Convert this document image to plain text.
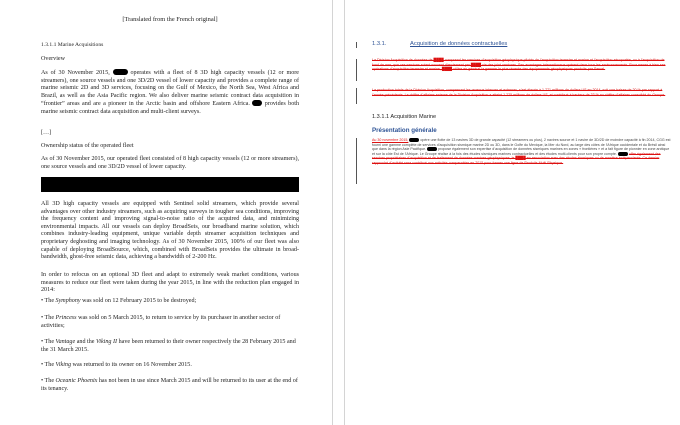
[Translated from the French original]

1.3.1.1 Marine Acquisitions

Overview

As of 30 November 2015,	operates with a fleet of 8 3D high capacity vessels (12 or more streamers), one source vessels and one 3D/2D vessel of lower capacity and provides a complete range of marine seismic 2D and 3D services, focusing on the Gulf of Mexico, the North Sea, West Africa and Brazil, as well as the Asia Pacific region. We also deliver marine seismic contract data acquisition in “frontier” areas and are a pioneer in the Arctic basin and offshore Eastern Africa. provides both marine seismic contract data acquisition and multi-client surveys.

[…]

Ownership status of the operated fleet

As of 30 November 2015, our operated fleet consisted of 8 high capacity vessels (12 or more streamers), one source vessels and one 3D/2D vessel of lower capacity.

All 3D high capacity vessels are equipped with Sentinel solid streamers, which provide several advantages over other industry streamers, such as acquiring surveys in tougher sea conditions, improving the frequency content and improving signal-to-noise ratio of the acquired data, and minimizing environmental impacts. All our vessels can deploy BroadSeis, our broadband marine solution, which combines industry-leading equipment, unique variable depth streamer acquisition techniques and proprietary deghosting and imaging technology. As of 30 November 2015, 100% of our fleet was also capable of deploying BroadSource, which, combined with BroadSeis provides the ultimate in broad-bandwidth, ghost-free seismic data, achieving a bandwidth of 2-200 Hz.

In order to refocus on an optional 3D fleet and adapt to extremely weak market conditions, various measures to reduce our fleet were taken during the year 2015, in line with the reduction plan engaged in 2014:

• The Symphony was sold on 12 February 2015 to be destroyed;

• The Princess was sold on 5 March 2015, to return to service by its purchaser in another sector of activities;

• The Vantage and the Viking II have been returned to their owner respectively the 28 February 2015 and the 31 March 2015.

• The Viking was returned to its owner on 16 November 2015.

• The Oceanic Phoenix has not been in use since March 2015 and will be returned to its user at the end of its tenancy.

1.3.1.	Acquisition de données contractuelles

La Division Acquisition de données de ████ comprend les services d’acquisition géophysique pilotés de l’acquisition terrestre et marine et l’acquisition aéroportée, ou à l’acquisition de fond de mer, que ces services soient souvent directement par ████ via des joint-ventures. Ses avantages internationaux opèrent dans tous les environnements. Pour mener à bien ses opérations d’acquisition terrestre et marine, ████ utilise en général la gamme la plus récente des équipements géophysiques produits par Sercel.

La production totale de la Division Acquisition, comprenant les revenus internes et externes, s’est élevée à 1 771 millions de dollars US en 2014, soit une baisse de 20 % par rapport à l’année précédente. Le chiffre d’affaires externe de la Division Acquisition a atteint 1 225 millions de dollars US, et contribué à hauteur de 33 % au chiffre d’affaires consolidé du Groupe.

1.3.1.1 Acquisition Marine
Présentation générale

Au 30 novembre 2015,	opère une flotte de 13 navires 3D de grande capacité (12 streamers ou plus), 2 navires source et 1 navire de 3D/2D de moindre capacité à fin 2014, CGG est fourni une gamme complète de services d’acquisition sismique marine 2D ou 3D, dans le Golfe du Mexique, la Mer du Nord, au large des côtes de l’Afrique occidentale et du Brésil ainsi que dans la région Asie Pacifique.	propose également son expertise d’acquisition de données sismiques marines en zones « frontières » et a fait figure de pionnier en zone arctique et sur la côte Est de l’Afrique. Le Groupe réalise à la fois des études sismiques marines contractuelles et des études multi-clients pour son propre compte.	offre également des services propriétaires d’acquisition et de traitement de données marines géophysiques, le ████ en association avec des études sismiques ou de manière indépendante. Ce dernier rapproché d’activité sera contribué aux activités comparables en 2015 pour former une ligne de Produits Multi-Physique.
